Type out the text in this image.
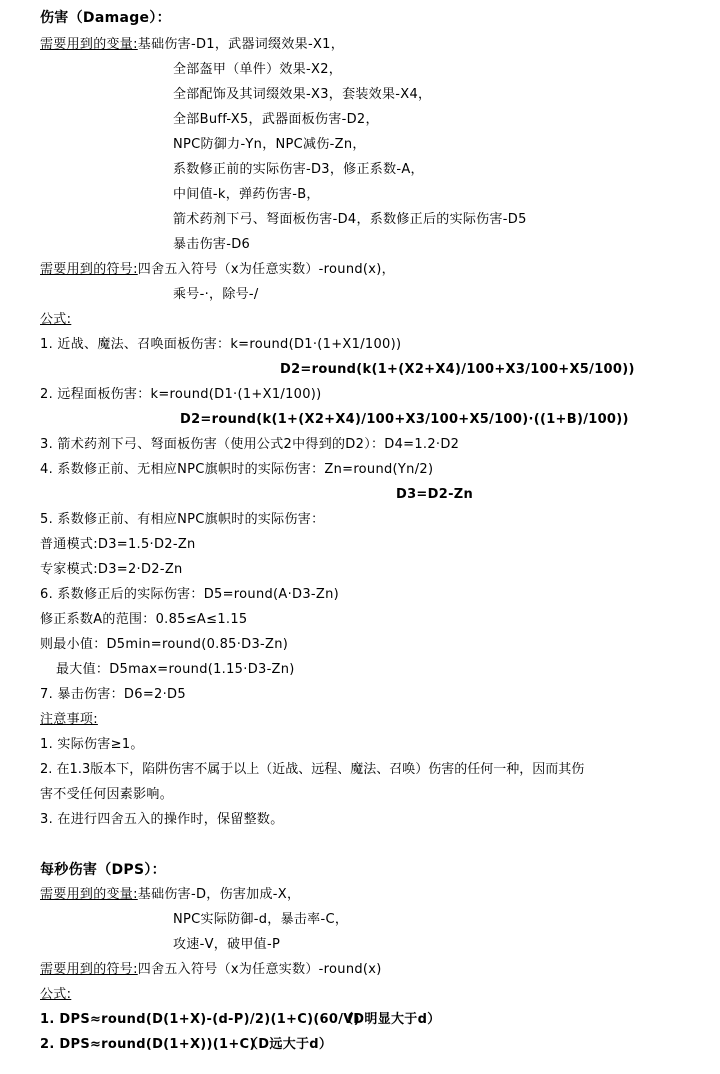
伤害（Damage）：
需要用到的变量:基础伤害-D1，武器词缀效果-X1，
全部盔甲（单件）效果-X2，
全部配饰及其词缀效果-X3，套装效果-X4，
全部Buff-X5，武器面板伤害-D2，
NPC防御力-Yn，NPC减伤-Zn，
系数修正前的实际伤害-D3，修正系数-A，
中间值-k，弹药伤害-B，
箭术药剂下弓、弩面板伤害-D4，系数修正后的实际伤害-D5
暴击伤害-D6
需要用到的符号:四舍五入符号（x为任意实数）-round(x)，
乘号-·，除号-/
公式:
1. 近战、魔法、召唤面板伤害：k=round(D1·(1+X1/100))
D2=round(k(1+(X2+X4)/100+X3/100+X5/100))
2. 远程面板伤害：k=round(D1·(1+X1/100))
D2=round(k(1+(X2+X4)/100+X3/100+X5/100)·((1+B)/100))
3. 箭术药剂下弓、弩面板伤害（使用公式2中得到的D2）：D4=1.2·D2
4. 系数修正前、无相应NPC旗帜时的实际伤害：Zn=round(Yn/2)
D3=D2-Zn
5. 系数修正前、有相应NPC旗帜时的实际伤害：
普通模式:D3=1.5·D2-Zn
专家模式:D3=2·D2-Zn
6. 系数修正后的实际伤害：D5=round(A·D3-Zn)
修正系数A的范围：0.85≤A≤1.15
则最小值：D5min=round(0.85·D3-Zn)
最大值：D5max=round(1.15·D3-Zn)
7. 暴击伤害：D6=2·D5
注意事项:
1. 实际伤害≥1。
2. 在1.3版本下，陷阱伤害不属于以上（近战、远程、魔法、召唤）伤害的任何一种，因而其伤
害不受任何因素影响。
3. 在进行四舍五入的操作时，保留整数。
每秒伤害（DPS）：
需要用到的变量:基础伤害-D，伤害加成-X，
NPC实际防御-d，暴击率-C，
攻速-V，破甲值-P
需要用到的符号:四舍五入符号（x为任意实数）-round(x)
公式:
1. DPS≈round(D(1+X)-(d-P)/2)(1+C)(60/V)
（D明显大于d）
2. DPS≈round(D(1+X))(1+C)
（D远大于d）
